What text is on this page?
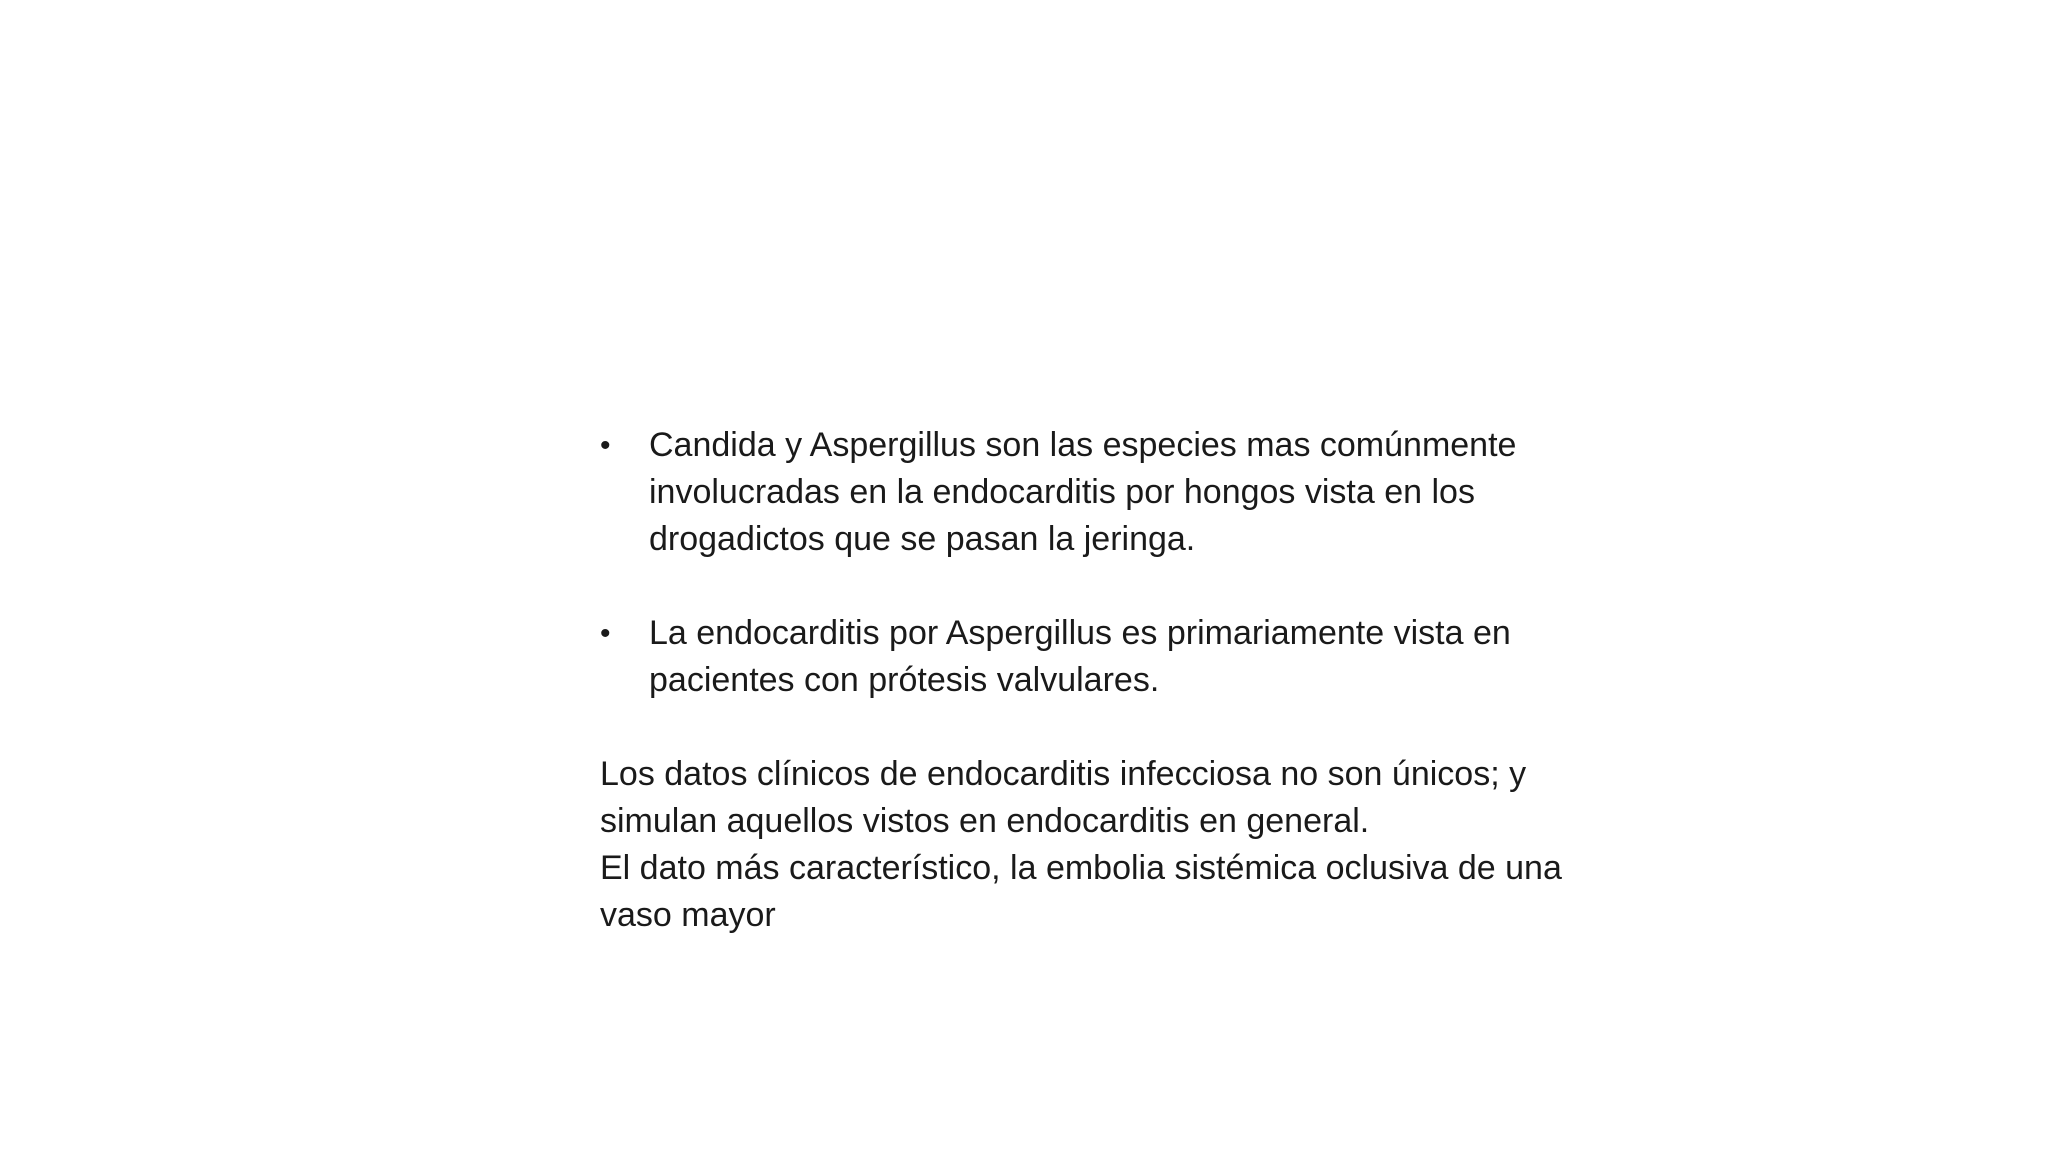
• Candida y Aspergillus son las especies mas comúnmente involucradas en la endocarditis por hongos vista en los drogadictos que se pasan la jeringa.
• La endocarditis por Aspergillus es primariamente vista en pacientes con prótesis valvulares.

Los datos clínicos de endocarditis infecciosa no son únicos; y simulan aquellos vistos en endocarditis en general.

El dato más característico, la embolia sistémica oclusiva de una vaso mayor
